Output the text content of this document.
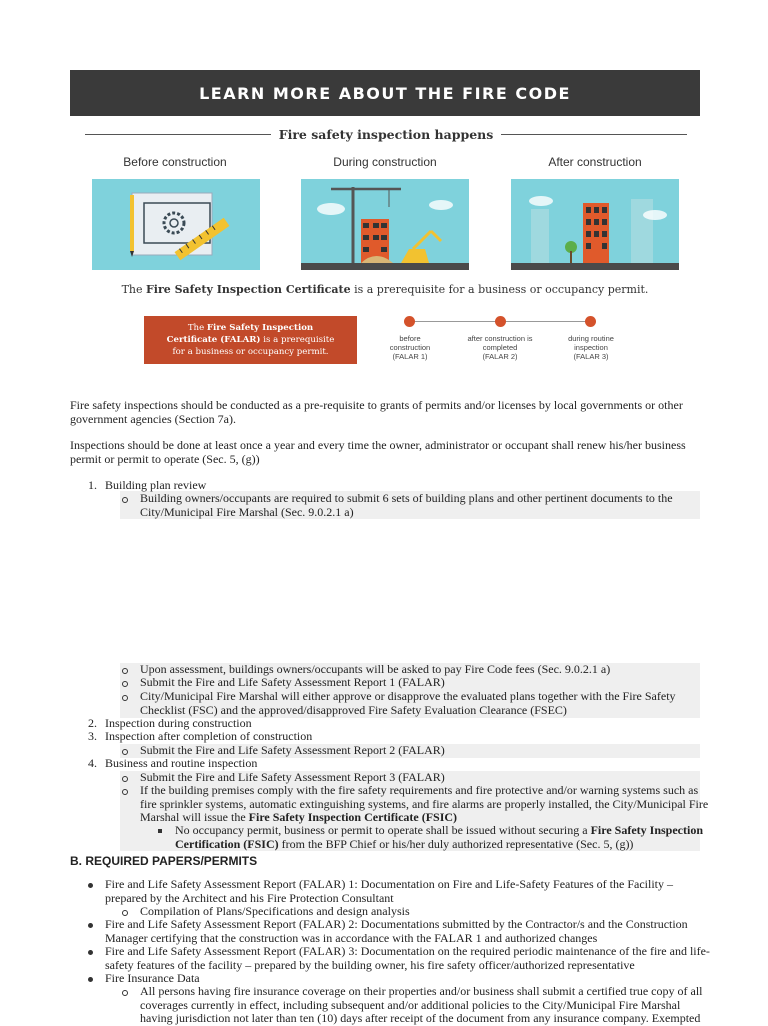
LEARN MORE ABOUT THE FIRE CODE
Fire safety inspection happens
Before construction	During construction	After construction
The Fire Safety Inspection Certificate is a prerequisite for a business or occupancy permit.
The Fire Safety Inspection
Certificate (FALAR) is a prerequisite
for a business or occupancy permit.
before
construction
(FALAR 1)
after construction is
completed
(FALAR 2)
during routine
inspection
(FALAR 3)
Fire safety inspections should be conducted as a pre-requisite to grants of permits and/or licenses by local governments or other
government agencies (Section 7a).
Inspections should be done at least once a year and every time the owner, administrator or occupant shall renew his/her business
permit or permit to operate (Sec. 5, (g))
1. Building plan review
Building owners/occupants are required to submit 6 sets of building plans and other pertinent documents to the
City/Municipal Fire Marshal (Sec. 9.0.2.1 a)
Upon assessment, buildings owners/occupants will be asked to pay Fire Code fees (Sec. 9.0.2.1 a)
Submit the Fire and Life Safety Assessment Report 1 (FALAR)
City/Municipal Fire Marshal will either approve or disapprove the evaluated plans together with the Fire Safety
Checklist (FSC) and the approved/disapproved Fire Safety Evaluation Clearance (FSEC)
2. Inspection during construction
3. Inspection after completion of construction
Submit the Fire and Life Safety Assessment Report 2 (FALAR)
4. Business and routine inspection
Submit the Fire and Life Safety Assessment Report 3 (FALAR)
If the building premises comply with the fire safety requirements and fire protective and/or warning systems such as
fire sprinkler systems, automatic extinguishing systems, and fire alarms are properly installed, the City/Municipal Fire
Marshal will issue the Fire Safety Inspection Certificate (FSIC)
No occupancy permit, business or permit to operate shall be issued without securing a Fire Safety Inspection
Certification (FSIC) from the BFP Chief or his/her duly authorized representative (Sec. 5, (g))
B. REQUIRED PAPERS/PERMITS
Fire and Life Safety Assessment Report (FALAR) 1: Documentation on Fire and Life-Safety Features of the Facility –
prepared by the Architect and his Fire Protection Consultant
Compilation of Plans/Specifications and design analysis
Fire and Life Safety Assessment Report (FALAR) 2: Documentations submitted by the Contractor/s and the Construction
Manager certifying that the construction was in accordance with the FALAR 1 and authorized changes
Fire and Life Safety Assessment Report (FALAR) 3: Documentation on the required periodic maintenance of the fire and life-
safety features of the facility – prepared by the building owner, his fire safety officer/authorized representative
Fire Insurance Data
All persons having fire insurance coverage on their properties and/or business shall submit a certified true copy of all
coverages currently in effect, including subsequent and/or additional policies to the City/Municipal Fire Marshal
having jurisdiction not later than ten (10) days after receipt of the document from any insurance company. Exempted
